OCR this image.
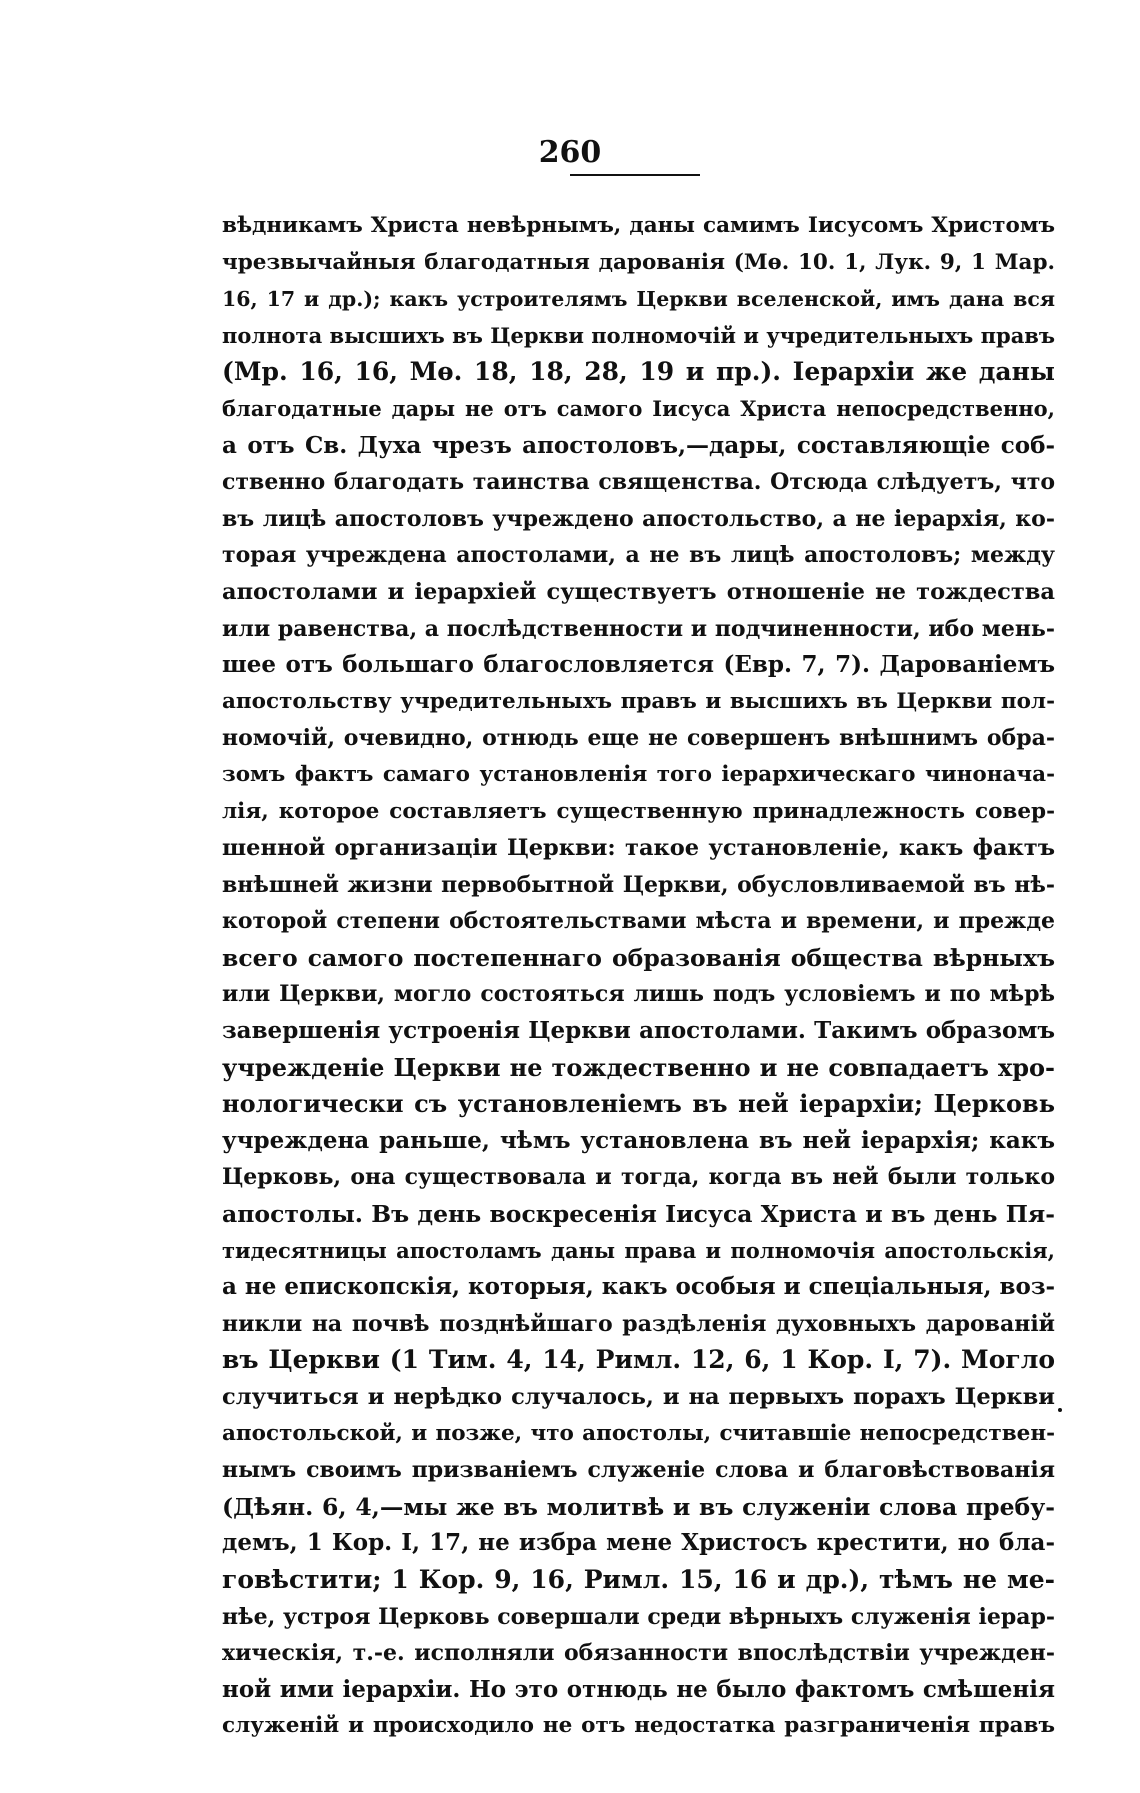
260
вѣдникамъ Христа невѣрнымъ, даны самимъ Іисусомъ Христомъ
чрезвычайныя благодатныя дарованія (Мѳ. 10. 1, Лук. 9, 1 Мар.
16, 17 и др.); какъ устроителямъ Церкви вселенской, имъ дана вся
полнота высшихъ въ Церкви полномочій и учредительныхъ правъ
(Мр. 16, 16, Мѳ. 18, 18, 28, 19 и пр.). Іерархіи же даны
благодатные дары не отъ самого Іисуса Христа непосредственно,
а отъ Св. Духа чрезъ апостоловъ,—дары, составляющіе соб-
ственно благодать таинства священства. Отсюда слѣдуетъ, что
въ лицѣ апостоловъ учреждено апостольство, а не іерархія, ко-
торая учреждена апостолами, а не въ лицѣ апостоловъ; между
апостолами и іерархіей существуетъ отношеніе не тождества
или равенства, а послѣдственности и подчиненности, ибо мень-
шее отъ большаго благословляется (Евр. 7, 7). Дарованіемъ
апостольству учредительныхъ правъ и высшихъ въ Церкви пол-
номочій, очевидно, отнюдь еще не совершенъ внѣшнимъ обра-
зомъ фактъ самаго установленія того іерархическаго чинонача-
лія, которое составляетъ существенную принадлежность совер-
шенной организаціи Церкви: такое установленіе, какъ фактъ
внѣшней жизни первобытной Церкви, обусловливаемой въ нѣ-
которой степени обстоятельствами мѣста и времени, и прежде
всего самого постепеннаго образованія общества вѣрныхъ
или Церкви, могло состояться лишь подъ условіемъ и по мѣрѣ
завершенія устроенія Церкви апостолами. Такимъ образомъ
учрежденіе Церкви не тождественно и не совпадаетъ хро-
нологически съ установленіемъ въ ней іерархіи; Церковь
учреждена раньше, чѣмъ установлена въ ней іерархія; какъ
Церковь, она существовала и тогда, когда въ ней были только
апостолы. Въ день воскресенія Іисуса Христа и въ день Пя-
тидесятницы апостоламъ даны права и полномочія апостольскія,
а не епископскія, которыя, какъ особыя и спеціальныя, воз-
никли на почвѣ позднѣйшаго раздѣленія духовныхъ дарованій
въ Церкви (1 Тим. 4, 14, Римл. 12, 6, 1 Кор. I, 7). Могло
случиться и нерѣдко случалось, и на первыхъ порахъ Церкви
апостольской, и позже, что апостолы, считавшіе непосредствен-
нымъ своимъ призваніемъ служеніе слова и благовѣствованія
(Дѣян. 6, 4,—мы же въ молитвѣ и въ служеніи слова пребу-
демъ, 1 Кор. I, 17, не избра мене Христосъ крестити, но бла-
говѣстити; 1 Кор. 9, 16, Римл. 15, 16 и др.), тѣмъ не ме-
нѣе, устроя Церковь совершали среди вѣрныхъ служенія іерар-
хическія, т.-е. исполняли обязанности впослѣдствіи учрежден-
ной ими іерархіи. Но это отнюдь не было фактомъ смѣшенія
служеній и происходило не отъ недостатка разграниченія правъ
